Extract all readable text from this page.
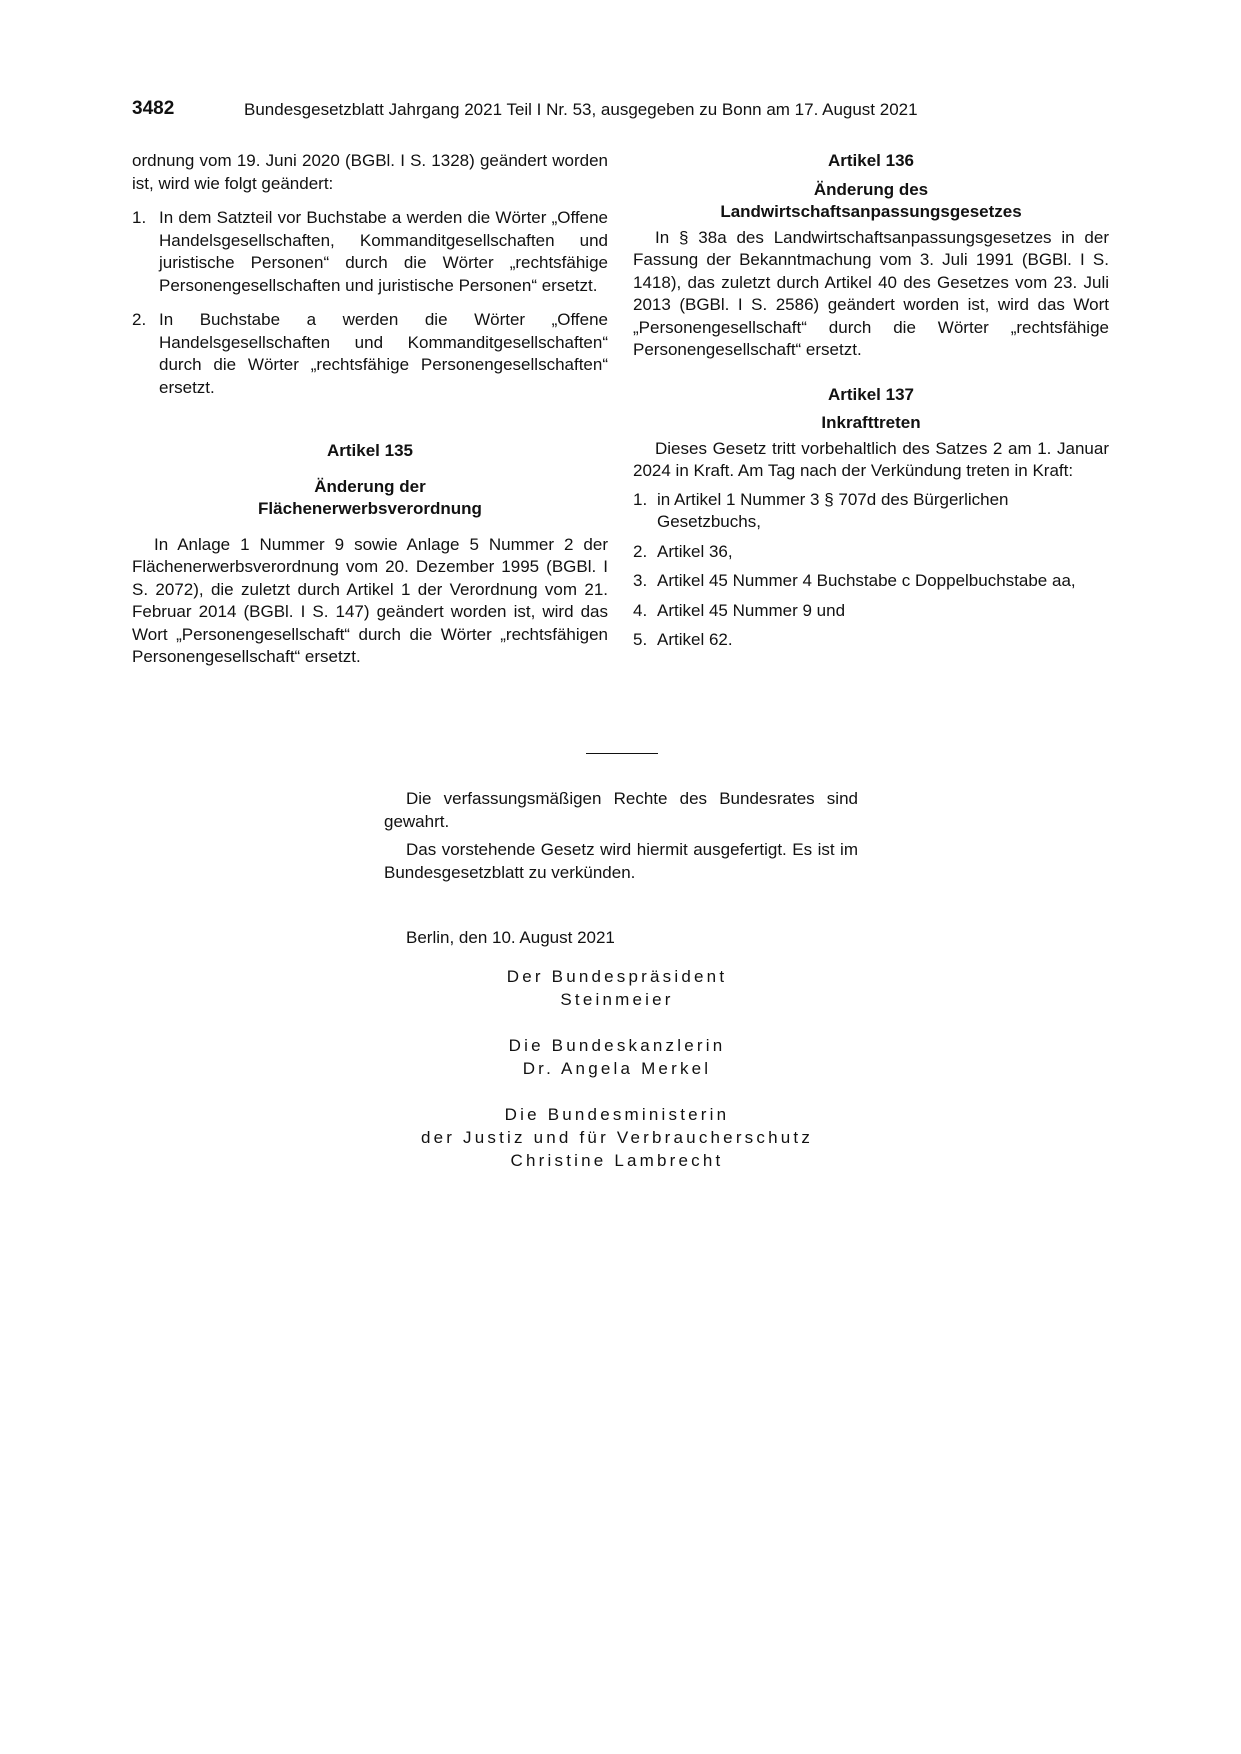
3482	Bundesgesetzblatt Jahrgang 2021 Teil I Nr. 53, ausgegeben zu Bonn am 17. August 2021

ordnung vom 19. Juni 2020 (BGBl. I S. 1328) geändert worden ist, wird wie folgt geändert:

1. In dem Satzteil vor Buchstabe a werden die Wörter „Offene Handelsgesellschaften, Kommanditgesellschaften und juristische Personen“ durch die Wörter „rechtsfähige Personengesellschaften und juristische Personen“ ersetzt.
2. In Buchstabe a werden die Wörter „Offene Handelsgesellschaften und Kommanditgesellschaften“ durch die Wörter „rechtsfähige Personengesellschaften“ ersetzt.

Artikel 135

Änderung der

Flächenerwerbsverordnung

In Anlage 1 Nummer 9 sowie Anlage 5 Nummer 2 der Flächenerwerbsverordnung vom 20. Dezember 1995 (BGBl. I S. 2072), die zuletzt durch Artikel 1 der Verordnung vom 21. Februar 2014 (BGBl. I S. 147) geändert worden ist, wird das Wort „Personengesellschaft“ durch die Wörter „rechtsfähigen Personengesellschaft“ ersetzt.

Artikel 136

Änderung des

Landwirtschaftsanpassungsgesetzes

In § 38a des Landwirtschaftsanpassungsgesetzes in der Fassung der Bekanntmachung vom 3. Juli 1991 (BGBl. I S. 1418), das zuletzt durch Artikel 40 des Gesetzes vom 23. Juli 2013 (BGBl. I S. 2586) geändert worden ist, wird das Wort „Personengesellschaft“ durch die Wörter „rechtsfähige Personengesellschaft“ ersetzt.

Artikel 137

Inkrafttreten

Dieses Gesetz tritt vorbehaltlich des Satzes 2 am 1. Januar 2024 in Kraft. Am Tag nach der Verkündung treten in Kraft:

1. in Artikel 1 Nummer 3 § 707d des Bürgerlichen Gesetzbuchs,
2. Artikel 36,
3. Artikel 45 Nummer 4 Buchstabe c Doppelbuchstabe aa,
4. Artikel 45 Nummer 9 und
5. Artikel 62.

Die verfassungsmäßigen Rechte des Bundesrates sind gewahrt.

Das vorstehende Gesetz wird hiermit ausgefertigt. Es ist im Bundesgesetzblatt zu verkünden.

Berlin, den 10. August 2021
Der Bundespräsident
Steinmeier
Die Bundeskanzlerin
Dr. Angela Merkel
Die Bundesministerin
der Justiz und für Verbraucherschutz
Christine Lambrecht
